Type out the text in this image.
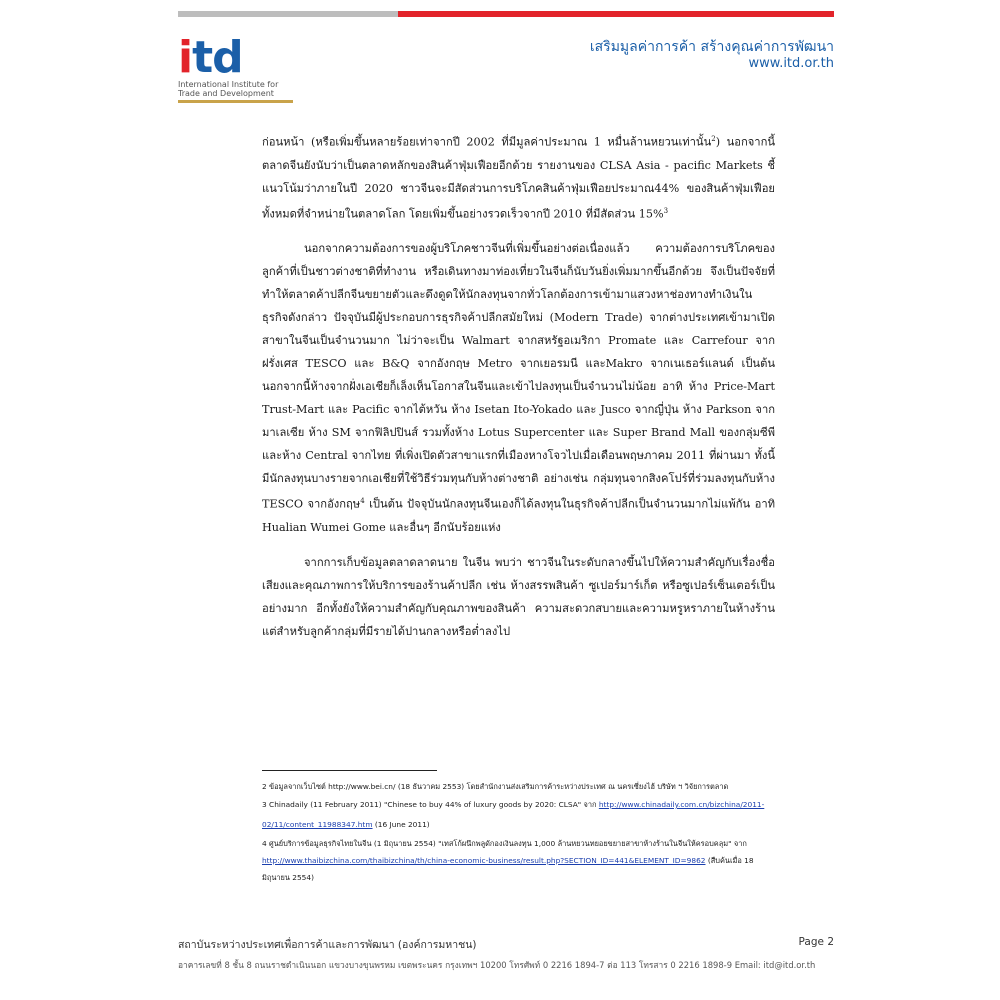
itd
International Institute for
Trade and Development
เสริมมูลค่าการค้า สร้างคุณค่าการพัฒนา
www.itd.or.th

ก่อนหน้า (หรือเพิ่มขึ้นหลายร้อยเท่าจากปี 2002 ที่มีมูลค่าประมาณ 1 หมื่นล้านหยวนเท่านั้น$^2$) นอกจากนี้ ตลาดจีนยังนับว่าเป็นตลาดหลักของสินค้าฟุ่มเฟือยอีกด้วย รายงานของ CLSA Asia - pacific Markets ชี้แนวโน้มว่าภายในปี 2020 ชาวจีนจะมีสัดส่วนการบริโภคสินค้าฟุ่มเฟือยประมาณ44% ของสินค้าฟุ่มเฟือยทั้งหมดที่จำหน่ายในตลาดโลก โดยเพิ่มขึ้นอย่างรวดเร็วจากปี 2010 ที่มีสัดส่วน 15%$^3$

นอกจากความต้องการของผู้บริโภคชาวจีนที่เพิ่มขึ้นอย่างต่อเนื่องแล้ว ความต้องการบริโภคของลูกค้าที่เป็นชาวต่างชาติที่ทำงาน หรือเดินทางมาท่องเที่ยวในจีนก็นับวันยิ่งเพิ่มมากขึ้นอีกด้วย จึงเป็นปัจจัยที่ทำให้ตลาดค้าปลีกจีนขยายตัวและดึงดูดให้นักลงทุนจากทั่วโลกต้องการเข้ามาแสวงหาช่องทางทำเงินในธุรกิจดังกล่าว ปัจจุบันมีผู้ประกอบการธุรกิจค้าปลีกสมัยใหม่ (Modern Trade) จากต่างประเทศเข้ามาเปิดสาขาในจีนเป็นจำนวนมาก ไม่ว่าจะเป็น Walmart จากสหรัฐอเมริกา Promate และ Carrefour จากฝรั่งเศส TESCO และ B&Q จากอังกฤษ Metro จากเยอรมนี และMakro จากเนเธอร์แลนด์ เป็นต้น นอกจากนี้ห้างจากฝั่งเอเชียก็เล็งเห็นโอกาสในจีนและเข้าไปลงทุนเป็นจำนวนไม่น้อย อาทิ ห้าง Price-Mart Trust-Mart และ Pacific จากไต้หวัน ห้าง Isetan Ito-Yokado และ Jusco จากญี่ปุ่น ห้าง Parkson จากมาเลเซีย ห้าง SM จากฟิลิปปินส์ รวมทั้งห้าง Lotus Supercenter และ Super Brand Mall ของกลุ่มซีพี และห้าง Central จากไทย ที่เพิ่งเปิดตัวสาขาแรกที่เมืองหางโจวไปเมื่อเดือนพฤษภาคม 2011 ที่ผ่านมา ทั้งนี้ มีนักลงทุนบางรายจากเอเชียที่ใช้วิธีร่วมทุนกับห้างต่างชาติ อย่างเช่น กลุ่มทุนจากสิงคโปร์ที่ร่วมลงทุนกับห้าง TESCO จากอังกฤษ$^4$ เป็นต้น ปัจจุบันนักลงทุนจีนเองก็ได้ลงทุนในธุรกิจค้าปลีกเป็นจำนวนมากไม่แพ้กัน อาทิ Hualian Wumei Gome และอื่นๆ อีกนับร้อยแห่ง

จากการเก็บข้อมูลตลาดลาดนาย ในจีน พบว่า ชาวจีนในระดับกลางขึ้นไปให้ความสำคัญกับเรื่องชื่อเสียงและคุณภาพการให้บริการของร้านค้าปลีก เช่น ห้างสรรพสินค้า ซูเปอร์มาร์เก็ต หรือซูเปอร์เซ็นเตอร์เป็นอย่างมาก อีกทั้งยังให้ความสำคัญกับคุณภาพของสินค้า ความสะดวกสบายและความหรูหราภายในห้างร้าน แต่สำหรับลูกค้ากลุ่มที่มีรายได้ปานกลางหรือต่ำลงไป

2 ข้อมูลจากเว็บไซต์ http://www.bei.cn/ (18 ธันวาคม 2553) โดยสำนักงานส่งเสริมการค้าระหว่างประเทศ ณ นครเซี่ยงไฮ้ บริษัท ฯ วิจัยการตลาด

3 Chinadaily (11 February 2011) "Chinese to buy 44% of luxury goods by 2020: CLSA" จาก http://www.chinadaily.com.cn/bizchina/2011-02/11/content_11988347.htm (16 June 2011)

4 ศูนย์บริการข้อมูลธุรกิจไทยในจีน (1 มิถุนายน 2554) "เทสโก้ผนึกพลูดักองเงินลงทุน 1,000 ล้านหยวนทยอยขยายสาขาห้างร้านในจีนให้ครอบคลุม" จาก http://www.thaibizchina.com/thaibizchina/th/china-economic-business/result.php?SECTION_ID=441&ELEMENT_ID=9862 (สืบค้นเมื่อ 18 มิถุนายน 2554)

สถาบันระหว่างประเทศเพื่อการค้าและการพัฒนา (องค์การมหาชน)	Page 2
อาคารเลขที่ 8 ชั้น 8 ถนนราชดำเนินนอก แขวงบางขุนพรหม เขตพระนคร กรุงเทพฯ 10200 โทรศัพท์ 0 2216 1894-7 ต่อ 113 โทรสาร 0 2216 1898-9 Email: itd@itd.or.th
